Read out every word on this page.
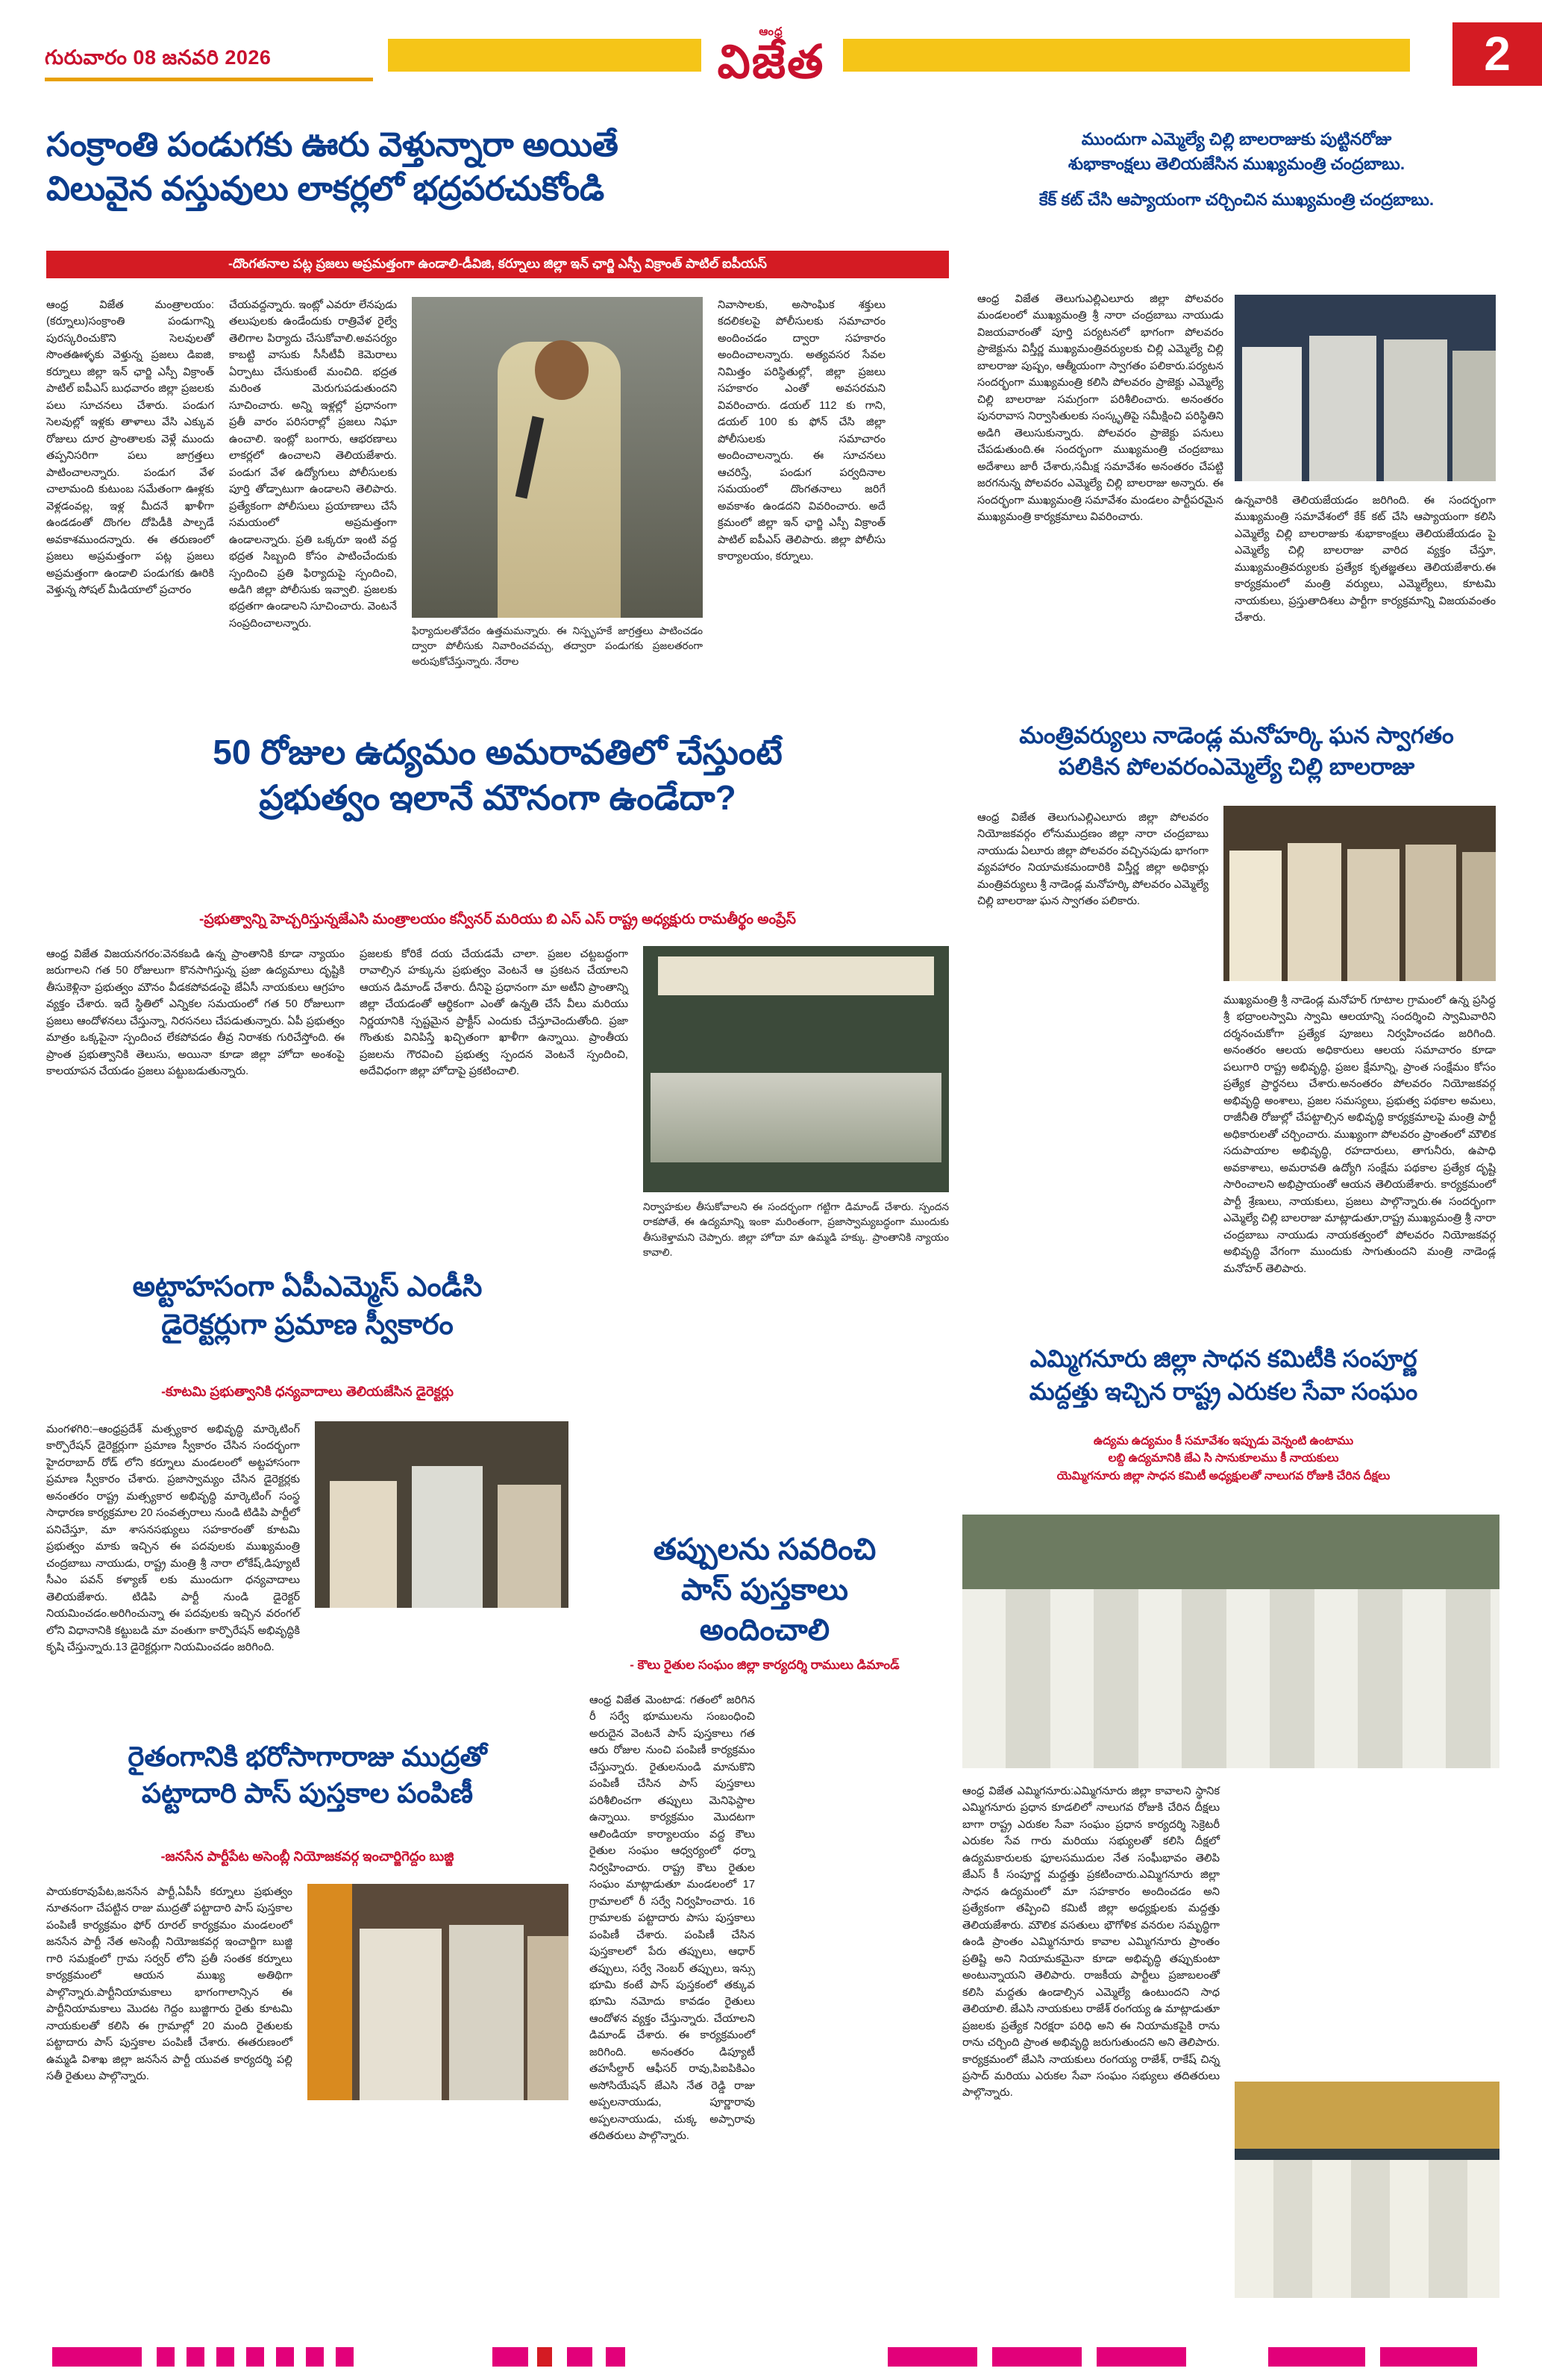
గురువారం 08 జనవరి 2026
ఆంధ్ర
విజేత	2
సంక్రాంతి పండుగకు ఊరు వెళ్తున్నారా అయితే
విలువైన వస్తువులు లాకర్లలో భద్రపరచుకోండి
-దొంగతనాల పట్ల ప్రజలు అప్రమత్తంగా ఉండాలి-డీవిజి, కర్నూలు జిల్లా ఇన్ ఛార్జి ఎస్పీ విక్రాంత్ పాటిల్ ఐపీయస్
ఆంధ్ర విజేత మంత్రాలయం: (కర్నూలు)సంక్రాంతి పండుగాన్ని పురస్కరించుకొని సెలవులతో సొంతఊళ్ళకు వెళ్తున్న ప్రజలు డిఐజి, కర్నూలు జిల్లా ఇన్ ఛార్జి ఎస్పీ విక్రాంత్ పాటిల్ ఐపీఎస్ బుధవారం జిల్లా ప్రజలకు పలు సూచనలు చేశారు. పండుగ సెలవుల్లో ఇళ్లకు తాళాలు వేసి ఎక్కువ రోజులు దూర ప్రాంతాలకు వెళ్లే ముందు తప్పనిసరిగా పలు జాగ్రత్తలు పాటించాలన్నారు. పండుగ వేళ చాలామంది కుటుంబ సమేతంగా ఊళ్లకు వెళ్లడంవల్ల, ఇళ్ల మీదనే ఖాళీగా ఉండడంతో దొంగల దోపిడీకి పాల్పడే అవకాశముందన్నారు. ఈ తరుణంలో ప్రజలు అప్రమత్తంగా పట్ల ప్రజలు అప్రమత్తంగా ఉండాలి పండుగకు ఊరికి వెళ్తున్న సోషల్ మీడియాలో ప్రచారం
చేయవద్దన్నారు. ఇంట్లో ఎవరూ లేనపుడు తలుపులకు ఉండేందుకు రాత్రివేళ రైల్వే తెలిగాల పిర్యాదు చేసుకోవాలి.అవసర్యం కాబట్టి వాసుకు సీసీటీవీ కెమెరాలు ఏర్పాటు చేసుకుంటే మంచిది. భద్రత మరింత మెరుగుపడుతుందని సూచించారు. అన్ని ఇళ్లల్లో ప్రధానంగా ప్రతీ వారం పరిసరాల్లో ప్రజలు నిఘా ఉంచాలి. ఇంట్లో బంగారు, ఆభరణాలు లాకర్లలో ఉంచాలని తెలియజేశారు. పండుగ వేళ ఉద్యోగులు పోలీసులకు పూర్తి తోడ్పాటుగా ఉండాలని తెలిపారు. ప్రత్యేకంగా పోలీసులు ప్రయాణాలు చేసే సమయంలో అప్రమత్తంగా ఉండాలన్నారు. ప్రతి ఒక్కరూ ఇంటి వద్ద భద్రత సిబ్బంది కోసం పాటించేందుకు స్పందించి ప్రతి ఫిర్యాదుపై స్పందించి, అడిగి జిల్లా పోలీసుకు ఇవ్వాలి. ప్రజలకు భద్రతగా ఉండాలని సూచించారు. వెంటనే సంప్రదించాలన్నారు.
నివాసాలకు, అసాంఘిక శక్తులు కదలికలపై పోలీసులకు సమాచారం అందించడం ద్వారా సహకారం అందించాలన్నారు. అత్యవసర సేవల నిమిత్తం పరిస్థితుల్లో, జిల్లా ప్రజలు సహకారం ఎంతో అవసరమని వివరించారు. డయల్ 112 కు గాని, డయల్ 100 కు ఫోన్ చేసి జిల్లా పోలీసులకు సమాచారం అందించాలన్నారు. ఈ సూచనలు ఆచరిస్తే, పండుగ పర్వదినాల సమయంలో దొంగతనాలు జరిగే అవకాశం ఉండదని వివరించారు. అదే క్రమంలో జిల్లా ఇన్ ఛార్జి ఎస్పీ విక్రాంత్ పాటిల్ ఐపీఎస్ తెలిపారు. జిల్లా పోలీసు కార్యాలయం, కర్నూలు.
ఫిర్యాదులతోవేదం ఉత్తమమన్నారు. ఈ నిస్పృహకే జాగ్రత్తలు పాటించడం ద్వారా పోలీసుకు నివారించవచ్చు, తద్వారా పండుగకు ప్రజలతరంగా అరుపుకోచేస్తున్నారు. నేరాల
50 రోజుల ఉద్యమం అమరావతిలో చేస్తుంటే
ప్రభుత్వం ఇలానే మౌనంగా ఉండేదా?
-ప్రభుత్వాన్ని హెచ్చరిస్తున్నజేఎసి మంత్రాలయం కన్వీనర్ మరియు బి ఎస్ ఎస్ రాష్ట్ర అధ్యక్షురు రామతీర్థం అంప్రేస్
ఆంధ్ర విజేత విజయనగరం:వెనకబడి ఉన్న ప్రాంతానికి కూడా న్యాయం జరుగాలని గత 50 రోజులుగా కొనసాగిస్తున్న ప్రజా ఉద్యమాలు దృష్టికి తీసుకెళ్లినా ప్రభుత్వం మౌనం వీడకపోవడంపై జేఏసీ నాయకులు ఆగ్రహం వ్యక్తం చేశారు. ఇదే స్థితిలో ఎన్నికల సమయంలో గత 50 రోజులుగా ప్రజలు ఆందోళనలు చేస్తున్నా, నిరసనలు చేపడుతున్నారు. ఏపీ ప్రభుత్వం మాత్రం ఒక్కపైనా స్పందించ లేకపోవడం తీవ్ర నిరాశకు గురిచేస్తోంది. ఈ ప్రాంత ప్రభుత్వానికి తెలుసు, అయినా కూడా జిల్లా హోదా అంశంపై కాలయాపన చేయడం ప్రజలు పట్టుబడుతున్నారు.
ప్రజలకు కోరికే దయ చేయడమే చాలా. ప్రజల చట్టబద్ధంగా రావాల్సిన హక్కును ప్రభుత్వం వెంటనే ఆ ప్రకటన చేయాలని ఆయన డిమాండ్ చేశారు. దీనిపై ప్రధానంగా మా అటీని ప్రాంతాన్ని జిల్లా చేయడంతో ఆర్థికంగా ఎంతో ఉన్నతి చేసే వీలు మరియు నిర్ణయానికి స్పష్టమైన ప్రాక్టీస్ ఎందుకు చేస్తూచెందుతోంది. ప్రజా గొంతుకు వినిపిస్తే ఖచ్చితంగా ఖాళీగా ఉన్నాయి. ప్రాంతీయ ప్రజలను గౌరవించి ప్రభుత్వ స్పందన వెంటనే స్పందించి, అదేవిధంగా జిల్లా హోదాపై ప్రకటించాలి.
నిర్వాహకుల తీసుకోవాలని ఈ సందర్భంగా గట్టిగా డిమాండ్ చేశారు. స్పందన రాకపోతే, ఈ ఉద్యమాన్ని ఇంకా మరింతంగా, ప్రజాస్వామ్యబద్ధంగా ముందుకు తీసుకెళ్తామని చెప్పారు. జిల్లా హోదా మా ఉమ్మడి హక్కు. ప్రాంతానికి న్యాయం కావాలి.
అట్టాహసంగా ఏపీఎమ్మెస్ ఎండీసి
డైరెక్టర్లుగా ప్రమాణ స్వీకారం
-కూటమి ప్రభుత్వానికి ధన్యవాదాలు తెలియజేసిన డైరెక్టర్లు
మంగళగిరి:–ఆంధ్రప్రదేశ్ మత్స్యకార అభివృద్ధి మార్కెటింగ్ కార్పొరేషన్ డైరెక్టర్లుగా ప్రమాణ స్వీకారం చేసిన సందర్భంగా హైదరాబాద్ రోడ్ లోని కర్నూలు మండలంలో అట్టహాసంగా ప్రమాణ స్వీకారం చేశారు. ప్రజాస్వామ్యం చేసిన డైరెక్టర్లకు అనంతరం రాష్ట్ర మత్స్యకార అభివృద్ధి మార్కెటింగ్ సంస్థ సాధారణ కార్యక్రమాల 20 సంవత్సరాలు నుండి టిడిపి పార్టీలో పనిచేస్తూ, మా శాసనసభ్యులు సహకారంతో కూటమి ప్రభుత్వం మాకు ఇచ్చిన ఈ పదవులకు ముఖ్యమంత్రి చంద్రబాబు నాయుడు, రాష్ట్ర మంత్రి శ్రీ నారా లోకేష్,డిప్యూటీ సీఎం పవన్ కళ్యాణ్ లకు ముందుగా ధన్యవాదాలు తెలియజేశారు. టిడిపి పార్టీ నుండి డైరెక్టర్ నియమించడం.అరిగించున్నా ఈ పదవులకు ఇచ్చిన వరంగల్ లోని విధానానికి కట్టుబడి మా వంతుగా కార్పొరేషన్ అభివృద్ధికి కృషి చేస్తున్నారు.13 డైరెక్టర్లుగా నియమించడం జరిగింది.
రైతంగానికి భరోసాగారాజు ముద్రతో
పట్టాదారి పాస్ పుస్తకాల పంపిణీ
-జనసేన పార్టీపేట అసెంబ్లీ నియోజకవర్గ ఇంచార్జిగెద్దం బుజ్జి
పాయకరావుపేట,జనసేన పార్టీ,ఏపీసీ కర్నూలు ప్రభుత్వం నూతనంగా చేపట్టిన రాజు ముద్రతో పట్టాదారి పాస్ పుస్తకాల పంపిణీ కార్యక్రమం ఫోర్ రూరల్ కార్యక్రమం మండలంలో జనసేన పార్టీ నేత అసెంబ్లీ నియోజకవర్గ ఇంచార్జిగా బుజ్జి గారి సమక్షంలో గ్రామ సర్వర్ లోని ప్రతీ సంతక కర్నూలు కార్యక్రమంలో ఆయన ముఖ్య అతిథిగా పాల్గొన్నారు.పార్టీనియామకాలు భాగంగాలాన్సిన ఈ పార్టీనియామకాలు మొదట గెద్దం బుజ్జిగారు రైతు కూటమి నాయకులతో కలిసి ఈ గ్రామాల్లో 20 మంది రైతులకు పట్టాదారు పాస్ పుస్తకాల పంపిణీ చేశారు. ఈతరుణంలో ఉమ్మడి విశాఖ జిల్లా జనసేన పార్టీ యువత కార్యదర్శి పల్లి సతీ రైతులు పాల్గొన్నారు.
తప్పులను సవరించి
పాస్ పుస్తకాలు
అందించాలి
- కౌలు రైతుల సంఘం జిల్లా కార్యదర్శి రాములు డిమాండ్
ఆంధ్ర విజేత మెంటాడ: గతంలో జరిగిన రీ సర్వే భూములను సంబంధించి అరుదైన వెంటనే పాస్ పుస్తకాలు గత ఆరు రోజుల నుంచి పంపిణీ కార్యక్రమం చేస్తున్నారు. రైతులనుండి మానుకొని పంపిణీ చేసిన పాస్ పుస్తకాలు పరిశీలించగా తప్పులు మెనిఫెస్టాల ఉన్నాయి. కార్యక్రమం మొదటగా ఆలిండియా కార్యాలయం వద్ద కౌలు రైతుల సంఘం ఆధ్వర్యంలో ధర్నా నిర్వహించారు. రాష్ట్ర కౌలు రైతుల సంఘం మాట్లాడుతూ మండలంలో 17 గ్రామాలలో రీ సర్వే నిర్వహించారు. 16 గ్రామాలకు పట్టాదారు పాసు పుస్తకాలు పంపిణీ చేశారు. పంపిణీ చేసిన పుస్తకాలలో పేరు తప్పులు, ఆధార్ తప్పులు, సర్వే నెంబర్ తప్పులు, ఇన్సు భూమి కంటే పాస్ పుస్తకంలో తక్కువ భూమి నమోదు కావడం రైతులు ఆందోళన వ్యక్తం చేస్తున్నారు. చేయాలని డిమాండ్ చేశారు. ఈ కార్యక్రమంలో జరిగింది. అనంతరం డిప్యూటీ తహసీల్దార్ ఆఫీసర్ రావు,పిఐపికిఎం అసోసియేషన్ జేఎసి నేత రెడ్డి రాజు అప్పలనాయుడు, పూర్ణారావు అప్పలనాయుడు, చుక్క అప్పారావు తదితరులు పాల్గొన్నారు.
ముందుగా ఎమ్మెల్యే చిల్లి బాలరాజుకు పుట్టినరోజు
శుభాకాంక్షలు తెలియజేసిన ముఖ్యమంత్రి చంద్రబాబు.
కేక్ కట్ చేసి ఆప్యాయంగా చర్చించిన ముఖ్యమంత్రి చంద్రబాబు.
ఆంధ్ర విజేత తెలుగుఎల్లిఎలూరు జిల్లా పోలవరం మండలంలో ముఖ్యమంత్రి శ్రీ నారా చంద్రబాబు నాయుడు విజయవారంతో పూర్తి పర్యటనలో భాగంగా పోలవరం ప్రాజెక్టును విస్తీర్ణ ముఖ్యమంత్రివర్యులకు చిల్లి ఎమ్మెల్యే చిల్లి బాలరాజు పుష్పం, ఆత్మీయంగా స్వాగతం పలికారు.పర్యటన సందర్భంగా ముఖ్యమంత్రి కలిసి పోలవరం ప్రాజెక్టు ఎమ్మెల్యే చిల్లి బాలరాజు సమగ్రంగా పరిశీలించారు. అనంతరం పునరావాస నిర్వాసితులకు సంస్కృతిపై సమీక్షించి పరిస్థితిని అడిగి తెలుసుకున్నారు. పోలవరం ప్రాజెక్టు పనులు చేపడుతుంది.ఈ సందర్భంగా ముఖ్యమంత్రి చంద్రబాబు అదేశాలు జారీ చేశారు,సమీక్ష సమావేశం అనంతరం చేపట్టి జరగనున్న పోలవరం ఎమ్మెల్యే చిల్లి బాలరాజు అన్నారు. ఈ సందర్భంగా ముఖ్యమంత్రి సమావేశం మండలం పార్టీపరమైన ముఖ్యమంత్రి కార్యక్రమాలు వివరించారు.
ఉన్నవారికి తెలియజేయడం జరిగింది. ఈ సందర్భంగా ముఖ్యమంత్రి సమావేశంలో కేక్ కట్ చేసి ఆప్యాయంగా కలిసి ఎమ్మెల్యే చిల్లి బాలరాజుకు శుభాకాంక్షలు తెలియజేయడం పై ఎమ్మెల్యే చిల్లి బాలరాజు వారిద వ్యక్తం చేస్తూ, ముఖ్యమంత్రివర్యులకు ప్రత్యేక కృతజ్ఞతలు తెలియజేశారు.ఈ కార్యక్రమంలో మంత్రి వర్యులు, ఎమ్మెల్యేలు, కూటమి నాయకులు, ప్రస్తుతాదిశలు పార్టీగా కార్యక్రమాన్ని విజయవంతం చేశారు.
మంత్రివర్యులు నాడెండ్ల మనోహర్కి ఘన స్వాగతం
పలికిన పోలవరంఎమ్మెల్యే చిల్లి బాలరాజు
ఆంధ్ర విజేత తెలుగుఎల్లిఎలూరు జిల్లా పోలవరం నియోజకవర్గం లోనుముద్రణం జిల్లా నారా చంద్రబాబు నాయుడు ఏలూరు జిల్లా పోలవరం వచ్చినపుడు భాగంగా వ్యవహారం నియామకమందారికి విస్తీర్ణ జిల్లా అధికార్లు మంత్రివర్యులు శ్రీ నాడెండ్ల మనోహర్కి పోలవరం ఎమ్మెల్యే చిల్లి బాలరాజు ఘన స్వాగతం పలికారు.
ముఖ్యమంత్రి శ్రీ నాడెండ్ల మనోహర్ గూటాల గ్రామంలో ఉన్న ప్రసిద్ధ శ్రీ భద్రాంలస్వామి స్వామి ఆలయాన్ని సందర్శించి స్వామివారిని దర్శనంచుకోగా ప్రత్యేక పూజలు నిర్వహించడం జరిగింది. అనంతరం ఆలయ అధికారులు ఆలయ సమాచారం కూడా పలుగారి రాష్ట్ర అభివృద్ధి, ప్రజల క్షేమాన్ని, ప్రాంత సంక్షేమం కోసం ప్రత్యేక ప్రార్థనలు చేశారు.అనంతరం పోలవరం నియోజకవర్గ అభివృద్ధి అంశాలు, ప్రజల సమస్యలు, ప్రభుత్వ పథకాల అమలు, రాజీనీతి రోజుల్లో చేపట్టాల్సిన అభివృద్ధి కార్యక్రమాలపై మంత్రి పార్టీ అధికారులతో చర్చించారు. ముఖ్యంగా పోలవరం ప్రాంతంలో మౌలిక సదుపాయాల అభివృద్ధి, రహదారులు, తాగునీరు, ఉపాధి అవకాశాలు, అమరావతి ఉద్యోగి సంక్షేమ పథకాల ప్రత్యేక దృష్టి సారించాలని అభిప్రాయంతో ఆయన తెలియజేశారు. కార్యక్రమంలో పార్టీ శ్రేణులు, నాయకులు, ప్రజలు పాల్గొన్నారు.ఈ సందర్భంగా ఎమ్మెల్యే చిల్లి బాలరాజు మాట్లాడుతూ,రాష్ట్ర ముఖ్యమంత్రి శ్రీ నారా చంద్రబాబు నాయుడు నాయకత్వంలో పోలవరం నియోజకవర్గ అభివృద్ధి వేగంగా ముందుకు సాగుతుందని మంత్రి నాడెండ్ల మనోహర్ తెలిపారు.
ఎమ్మిగనూరు జిల్లా సాధన కమిటీకి సంపూర్ణ
మద్దత్తు ఇచ్చిన రాష్ట్ర ఎరుకల సేవా సంఘం
ఉద్యమ ఉద్యమం కీ సమావేశం ఇప్పుడు వెన్నంటి ఉంటాము
లబ్ది ఉద్యమానికి జేఎ సి సానుకూలము కీ నాయకులు
యెమ్మిగనూరు జిల్లా సాధన కమిటీ అధ్యక్షులతో నాలుగవ రోజుకి చేరిన దీక్షలు
ఆంధ్ర విజేత ఎమ్మిగనూరు:ఎమ్మిగనూరు జిల్లా కావాలని స్థానిక ఎమ్మిగనూరు ప్రధాన కూడలిలో నాలుగవ రోజుకి చేరిన దీక్షలు బాగా రాష్ట్ర ఎరుకల సేవా సంఘం ప్రధాన కార్యదర్శి సెక్రెటరీ ఎరుకల సేవ గారు మరియు సభ్యులతో కలిసి దీక్షలో ఉద్యమకారులకు ఫూలసముదుల నేత సంఘీభావం తెలిపి జేఎస్ కీ సంపూర్ణ మద్దత్తు ప్రకటించారు.ఎమ్మిగనూరు జిల్లా సాధన ఉద్యమంలో మా సహకారం అందించడం అని ప్రత్యేకంగా తప్పించి కమిటీ జిల్లా అధ్యక్షులకు మద్దత్తు తెలియజేశారు. మౌలిక వసతులు భౌగోళిక వనరుల సమృద్ధిగా ఉండి ప్రాంతం ఎమ్మిగనూరు కావాల ఎమ్మిగనూరు ప్రాంతం ప్రతిష్టి అని నియామకమైనా కూడా అభివృద్ధి తప్పుకుంటా అంటున్నాయని తెలిపారు. రాజకీయ పార్టీలు ప్రజాబలంతో కలిసి మద్దతు ఉండాల్సిన ఎమ్మెల్యే ఉంటుందని సాధ తెలియాలి. జేఎసి నాయకులు రాజేశ్ రంగయ్య ఉ మాట్లాడుతూ ప్రజలకు ప్రత్యేక నిరక్షరా పరిధి అని ఈ నియామకపైకి రాను రాను చర్చింది ప్రాంత అభివృద్ధి జరుగుతుందని అని తెలిపారు. కార్యక్రమంలో జేఎసి నాయకులు రంగయ్య రాజేశ్, రాకేష్ చిన్న ప్రసాద్ మరియు ఎరుకల సేవా సంఘం సభ్యులు తదితరులు పాల్గొన్నారు.
